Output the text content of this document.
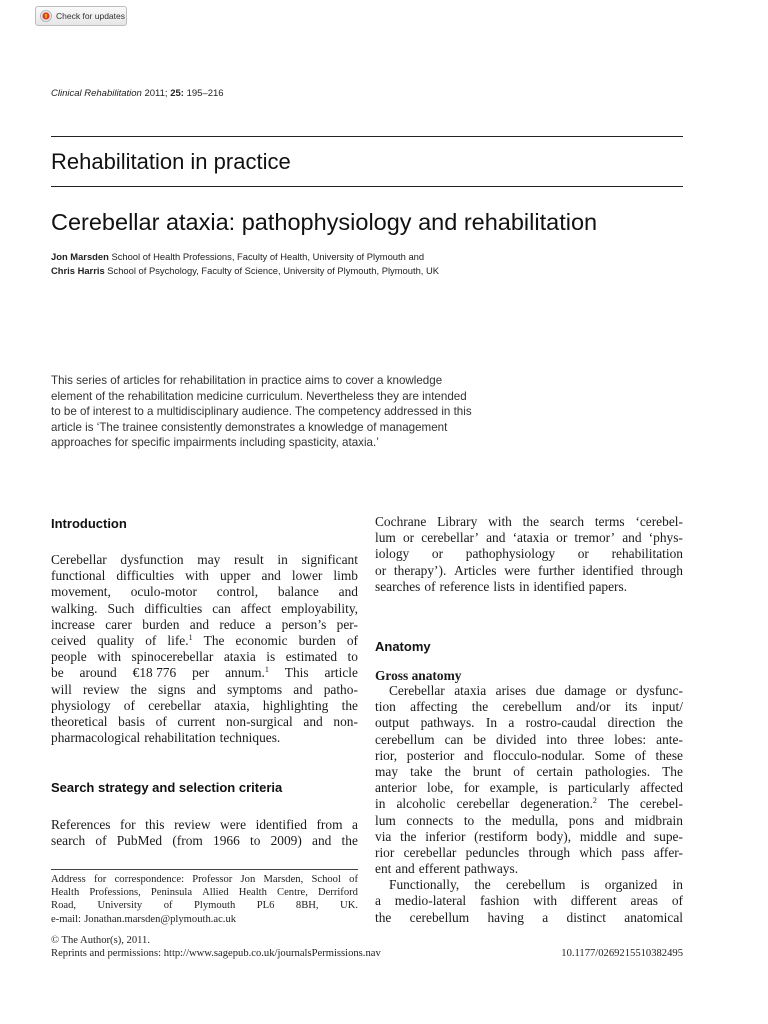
Check for updates
Clinical Rehabilitation 2011; 25: 195–216
Rehabilitation in practice
Cerebellar ataxia: pathophysiology and rehabilitation
Jon Marsden School of Health Professions, Faculty of Health, University of Plymouth and
Chris Harris School of Psychology, Faculty of Science, University of Plymouth, Plymouth, UK
This series of articles for rehabilitation in practice aims to cover a knowledge
element of the rehabilitation medicine curriculum. Nevertheless they are intended
to be of interest to a multidisciplinary audience. The competency addressed in this
article is ‘The trainee consistently demonstrates a knowledge of management
approaches for specific impairments including spasticity, ataxia.’
Introduction
Cerebellar dysfunction may result in significant
functional difficulties with upper and lower limb
movement, oculo-motor control, balance and
walking. Such difficulties can affect employability,
increase carer burden and reduce a person’s per-
ceived quality of life.$^1$ The economic burden of
people with spinocerebellar ataxia is estimated to
be around €18 776 per annum.$^1$ This article
will review the signs and symptoms and patho-
physiology of cerebellar ataxia, highlighting the
theoretical basis of current non-surgical and non-
pharmacological rehabilitation techniques.
Search strategy and selection criteria
References for this review were identified from a
search of PubMed (from 1966 to 2009) and the
Address for correspondence: Professor Jon Marsden, School of
Health Professions, Peninsula Allied Health Centre, Derriford
Road, University of Plymouth PL6 8BH, UK.
e-mail: Jonathan.marsden@plymouth.ac.uk
Cochrane Library with the search terms ‘cerebel-
lum or cerebellar’ and ‘ataxia or tremor’ and ‘phys-
iology or pathophysiology or rehabilitation
or therapy’). Articles were further identified through
searches of reference lists in identified papers.
Anatomy
Gross anatomy
Cerebellar ataxia arises due damage or dysfunc-
tion affecting the cerebellum and/or its input/
output pathways. In a rostro-caudal direction the
cerebellum can be divided into three lobes: ante-
rior, posterior and flocculo-nodular. Some of these
may take the brunt of certain pathologies. The
anterior lobe, for example, is particularly affected
in alcoholic cerebellar degeneration.$^2$ The cerebel-
lum connects to the medulla, pons and midbrain
via the inferior (restiform body), middle and supe-
rior cerebellar peduncles through which pass affer-
ent and efferent pathways.
Functionally, the cerebellum is organized in
a medio-lateral fashion with different areas of
the cerebellum having a distinct anatomical
© The Author(s), 2011.
Reprints and permissions: http://www.sagepub.co.uk/journalsPermissions.nav	10.1177/0269215510382495
